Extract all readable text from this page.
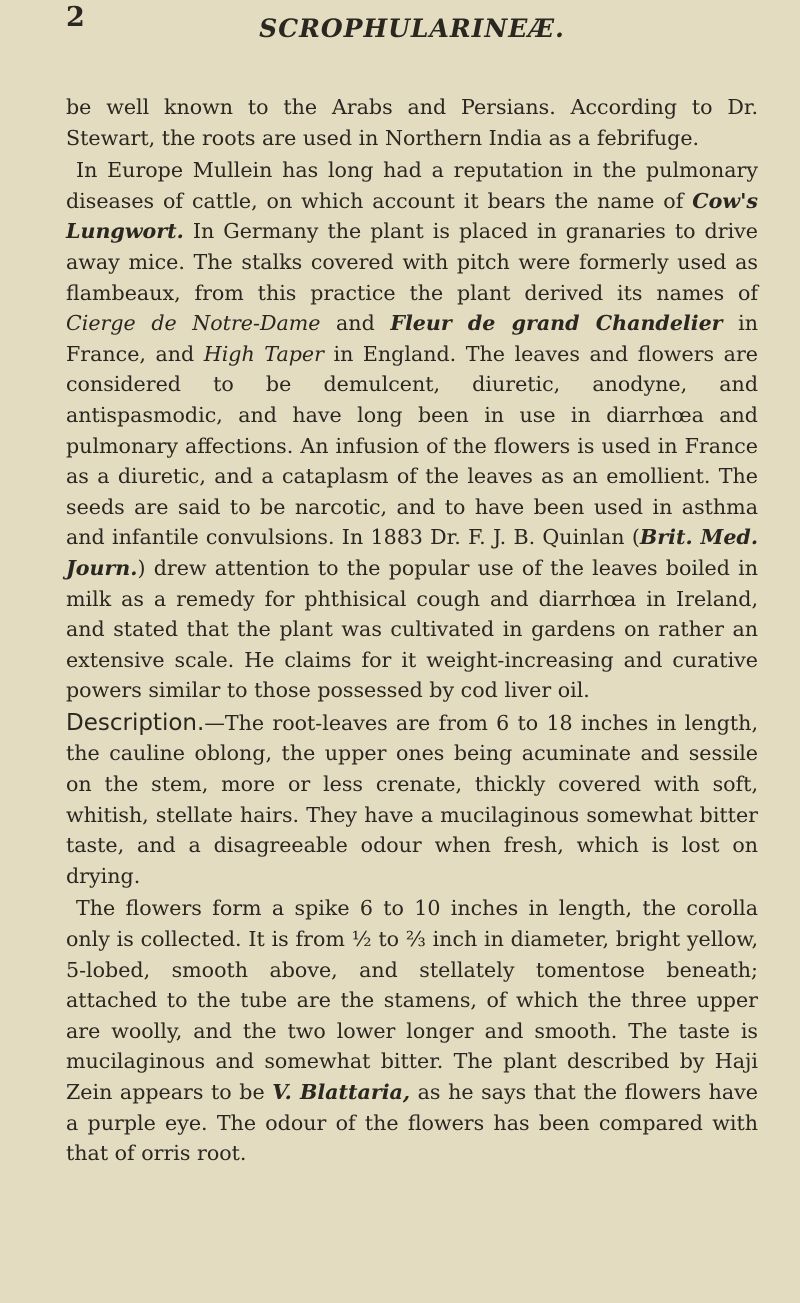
2	SCROPHULARINEÆ.

be well known to the Arabs and Persians. According to Dr. Stewart, the roots are used in Northern India as a febrifuge.

In Europe Mullein has long had a reputation in the pulmonary diseases of cattle, on which account it bears the name of Cow's Lungwort. In Germany the plant is placed in granaries to drive away mice. The stalks covered with pitch were formerly used as flambeaux, from this practice the plant derived its names of Cierge de Notre-Dame and Fleur de grand Chandelier in France, and High Taper in England. The leaves and flowers are considered to be demulcent, diuretic, anodyne, and antispasmodic, and have long been in use in diarrhœa and pulmonary affections. An infusion of the flowers is used in France as a diuretic, and a cataplasm of the leaves as an emollient. The seeds are said to be narcotic, and to have been used in asthma and infantile convulsions. In 1883 Dr. F. J. B. Quinlan (Brit. Med. Journ.) drew attention to the popular use of the leaves boiled in milk as a remedy for phthisical cough and diarrhœa in Ireland, and stated that the plant was cultivated in gardens on rather an extensive scale. He claims for it weight-increasing and curative powers similar to those possessed by cod liver oil.

Description.—The root-leaves are from 6 to 18 inches in length, the cauline oblong, the upper ones being acuminate and sessile on the stem, more or less crenate, thickly covered with soft, whitish, stellate hairs. They have a mucilaginous somewhat bitter taste, and a disagreeable odour when fresh, which is lost on drying.

The flowers form a spike 6 to 10 inches in length, the corolla only is collected. It is from ½ to ⅔ inch in diameter, bright yellow, 5-lobed, smooth above, and stellately tomentose beneath; attached to the tube are the stamens, of which the three upper are woolly, and the two lower longer and smooth. The taste is mucilaginous and somewhat bitter. The plant described by Haji Zein appears to be V. Blattaria, as he says that the flowers have a purple eye. The odour of the flowers has been compared with that of orris root.
